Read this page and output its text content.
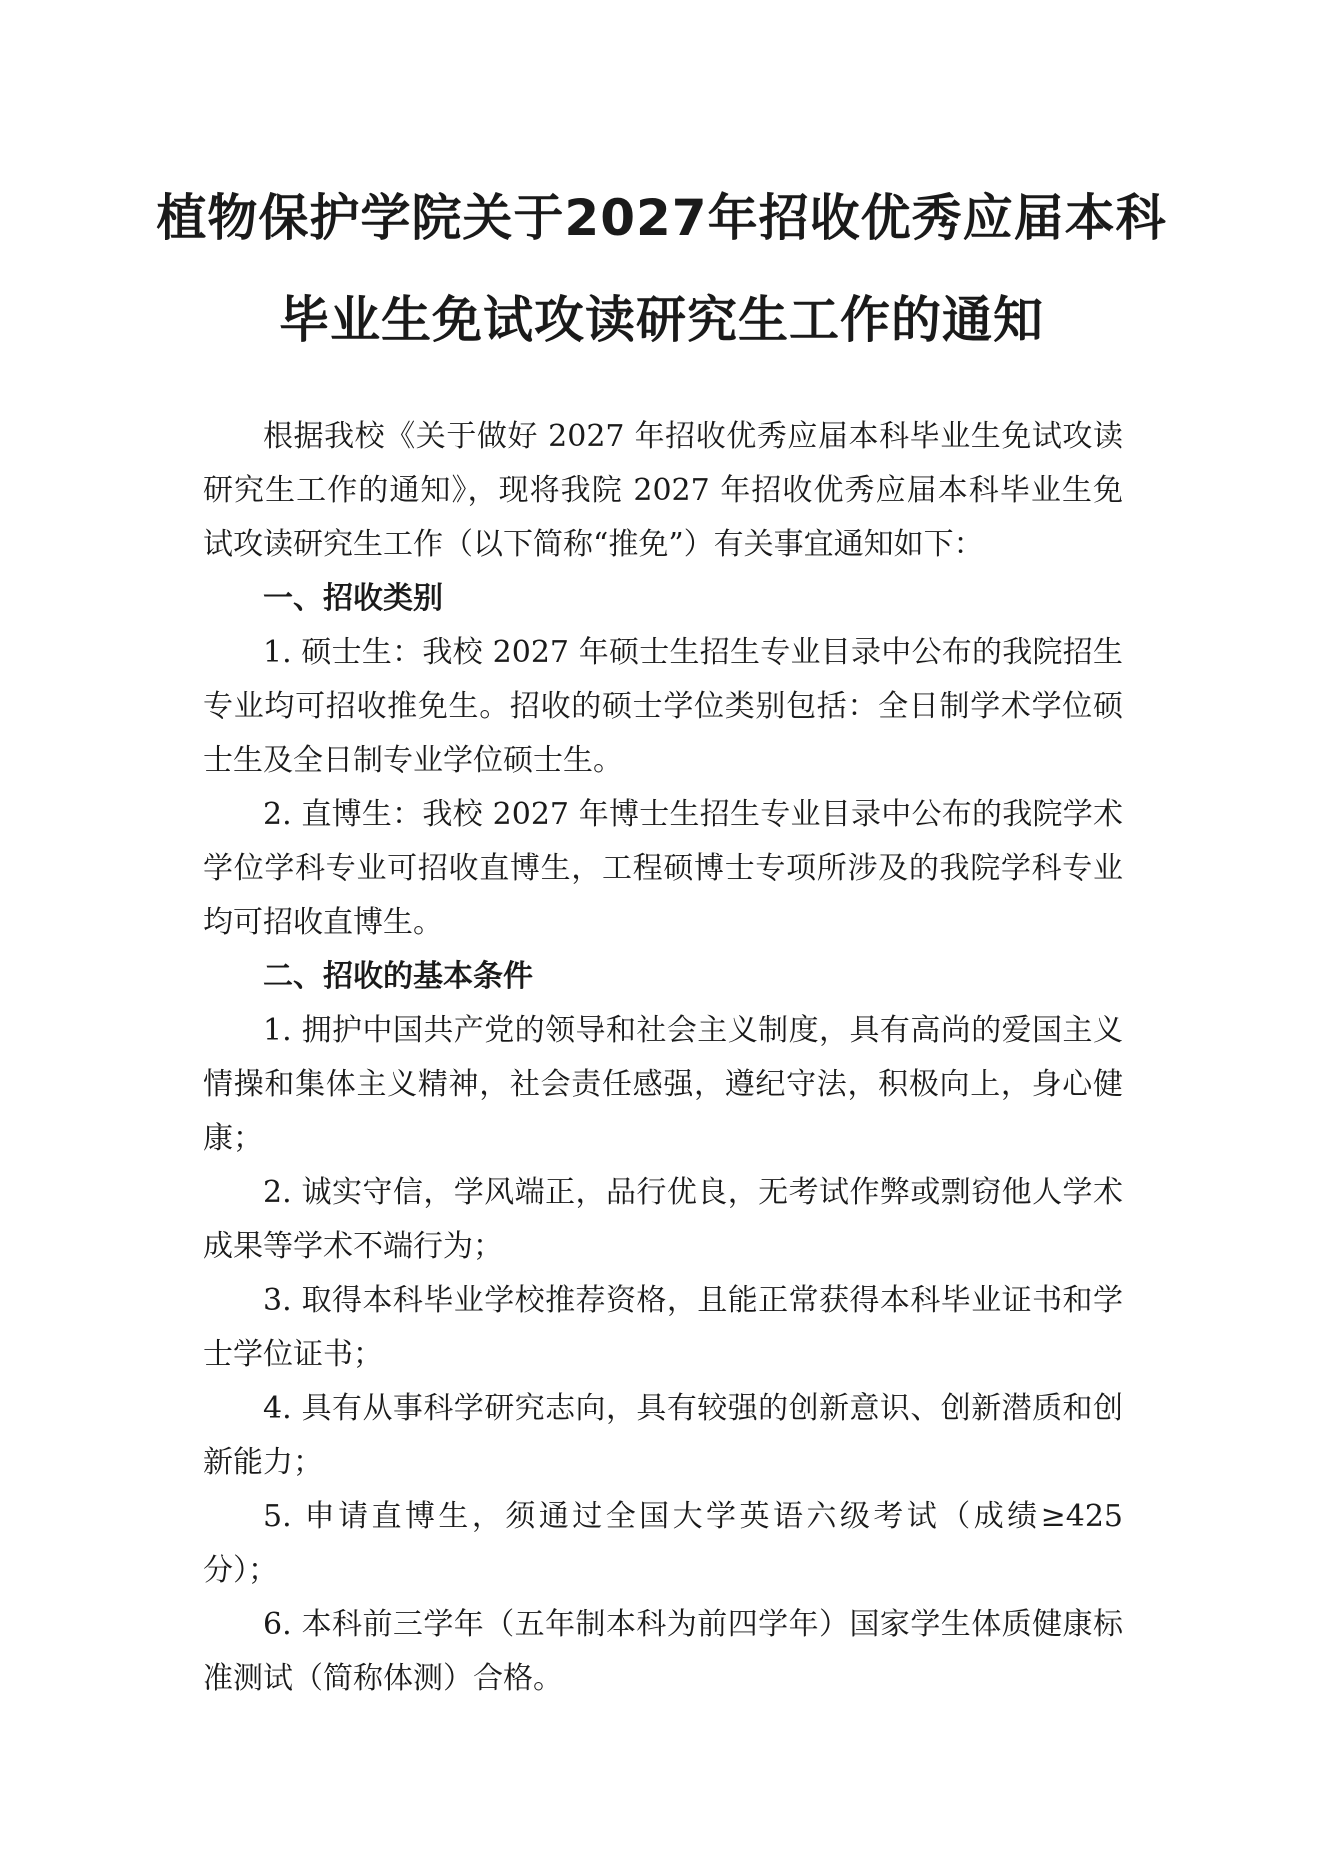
植物保护学院关于2027年招收优秀应届本科
毕业生免试攻读研究生工作的通知

根据我校《关于做好 2027 年招收优秀应届本科毕业生免试攻读研究生工作的通知》，现将我院 2027 年招收优秀应届本科毕业生免试攻读研究生工作（以下简称“推免”）有关事宜通知如下：

一、招收类别

1. 硕士生：我校 2027 年硕士生招生专业目录中公布的我院招生专业均可招收推免生。招收的硕士学位类别包括：全日制学术学位硕士生及全日制专业学位硕士生。

2. 直博生：我校 2027 年博士生招生专业目录中公布的我院学术学位学科专业可招收直博生，工程硕博士专项所涉及的我院学科专业均可招收直博生。

二、招收的基本条件

1. 拥护中国共产党的领导和社会主义制度，具有高尚的爱国主义情操和集体主义精神，社会责任感强，遵纪守法，积极向上，身心健康；

2. 诚实守信，学风端正，品行优良，无考试作弊或剽窃他人学术成果等学术不端行为；

3. 取得本科毕业学校推荐资格，且能正常获得本科毕业证书和学士学位证书；

4. 具有从事科学研究志向，具有较强的创新意识、创新潜质和创新能力；

5. 申请直博生，须通过全国大学英语六级考试（成绩≥425 分）；

6. 本科前三学年（五年制本科为前四学年）国家学生体质健康标准测试（简称体测）合格。
